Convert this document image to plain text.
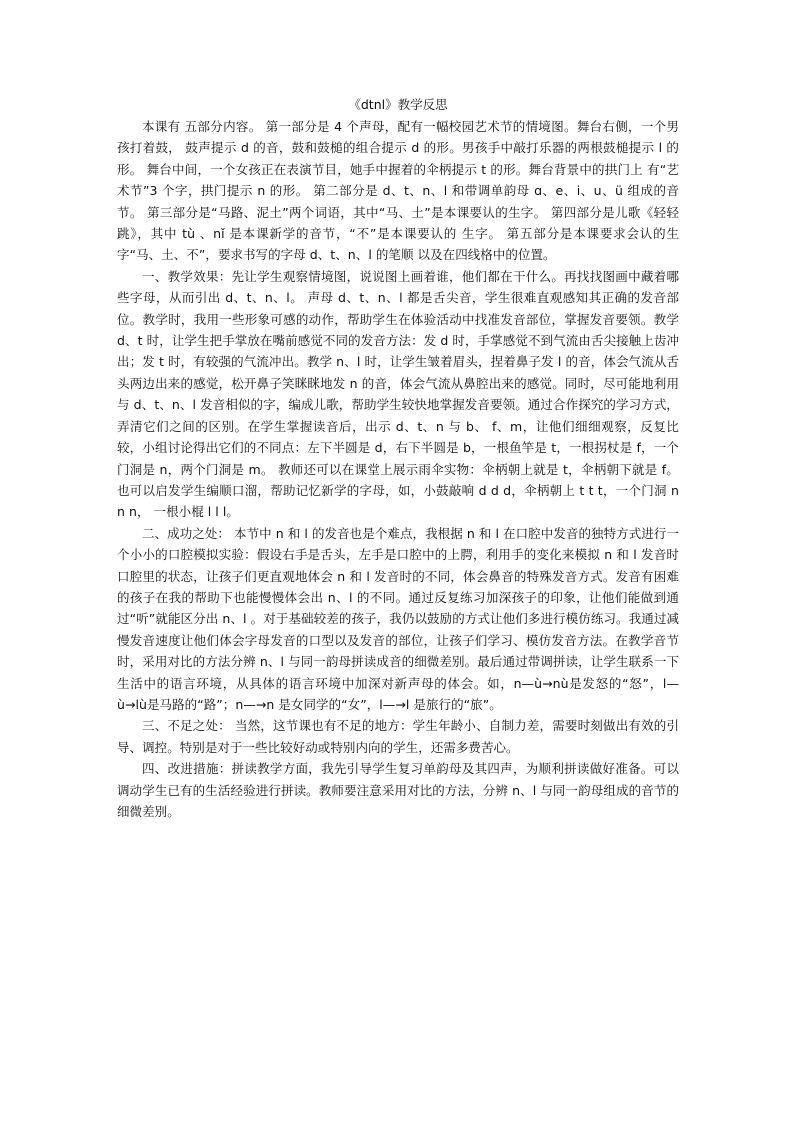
《dtnl》教学反思

本课有 五部分内容。 第一部分是 4 个声母，配有一幅校园艺术节的情境图。舞台右侧，一个男孩打着鼓， 鼓声提示 d 的音，鼓和鼓槌的组合提示 d 的形。男孩手中敲打乐器的两根鼓槌提示 l 的形。 舞台中间，一个女孩正在表演节目，她手中握着的伞柄提示 t 的形。舞台背景中的拱门上 有“艺术节”3 个字，拱门提示 n 的形。 第二部分是 d、t、n、l 和带调单韵母 ɑ、e、i、u、ü 组成的音节。 第三部分是“马路、泥土”两个词语，其中“马、土”是本课要认的生字。 第四部分是儿歌《轻轻跳》，其中 tù 、nǐ 是本课新学的音节，“不”是本课要认的 生字。 第五部分是本课要求会认的生字“马、土、不”，要求书写的字母 d、t、n、l 的笔顺 以及在四线格中的位置。

一、教学效果：先让学生观察情境图，说说图上画着谁，他们都在干什么。再找找图画中藏着哪些字母，从而引出 d、t、n、l。 声母 d、t、n、l 都是舌尖音，学生很难直观感知其正确的发音部位。教学时，我用一些形象可感的动作，帮助学生在体验活动中找准发音部位，掌握发音要领。教学 d、t 时，让学生把手掌放在嘴前感觉不同的发音方法：发 d 时，手掌感觉不到气流由舌尖接触上齿冲出；发 t 时，有较强的气流冲出。教学 n、l 时，让学生皱着眉头，捏着鼻子发 l 的音，体会气流从舌头两边出来的感觉，松开鼻子笑眯眯地发 n 的音，体会气流从鼻腔出来的感觉。同时，尽可能地利用与 d、t、n、l 发音相似的字，编成儿歌，帮助学生较快地掌握发音要领。通过合作探究的学习方式，弄清它们之间的区别。在学生掌握读音后，出示 d、t、n 与 b、 f、m，让他们细细观察，反复比较，小组讨论得出它们的不同点：左下半圆是 d，右下半圆是 b，一根鱼竿是 t，一根拐杖是 f，一个门洞是 n，两个门洞是 m。 教师还可以在课堂上展示雨伞实物：伞柄朝上就是 t，伞柄朝下就是 f。也可以启发学生编顺口溜，帮助记忆新学的字母，如，小鼓敲响 d d d，伞柄朝上 t t t，一个门洞 n n n， 一根小棍 l l l。

二、成功之处： 本节中 n 和 l 的发音也是个难点，我根据 n 和 l 在口腔中发音的独特方式进行一个小小的口腔模拟实验：假设右手是舌头，左手是口腔中的上腭，利用手的变化来模拟 n 和 l 发音时口腔里的状态，让孩子们更直观地体会 n 和 l 发音时的不同，体会鼻音的特殊发音方式。发音有困难的孩子在我的帮助下也能慢慢体会出 n、l 的不同。通过反复练习加深孩子的印象，让他们能做到通过“听”就能区分出 n、l 。对于基础较差的孩子，我仍以鼓励的方式让他们多进行模仿练习。我通过减慢发音速度让他们体会字母发音的口型以及发音的部位，让孩子们学习、模仿发音方法。在教学音节时，采用对比的方法分辨 n、l 与同一韵母拼读成音的细微差别。最后通过带调拼读，让学生联系一下生活中的语言环境，从具体的语言环境中加深对新声母的体会。如，n—ù→nù是发怒的“怒”，l—ù→lù是马路的“路”；n—→n 是女同学的“女”，l—→l 是旅行的“旅”。

三、不足之处： 当然，这节课也有不足的地方：学生年龄小、自制力差，需要时刻做出有效的引导、调控。特别是对于一些比较好动或特别内向的学生，还需多费苦心。

四、改进措施：拼读教学方面，我先引导学生复习单韵母及其四声，为顺利拼读做好准备。可以调动学生已有的生活经验进行拼读。教师要注意采用对比的方法，分辨 n、l 与同一韵母组成的音节的细微差别。
